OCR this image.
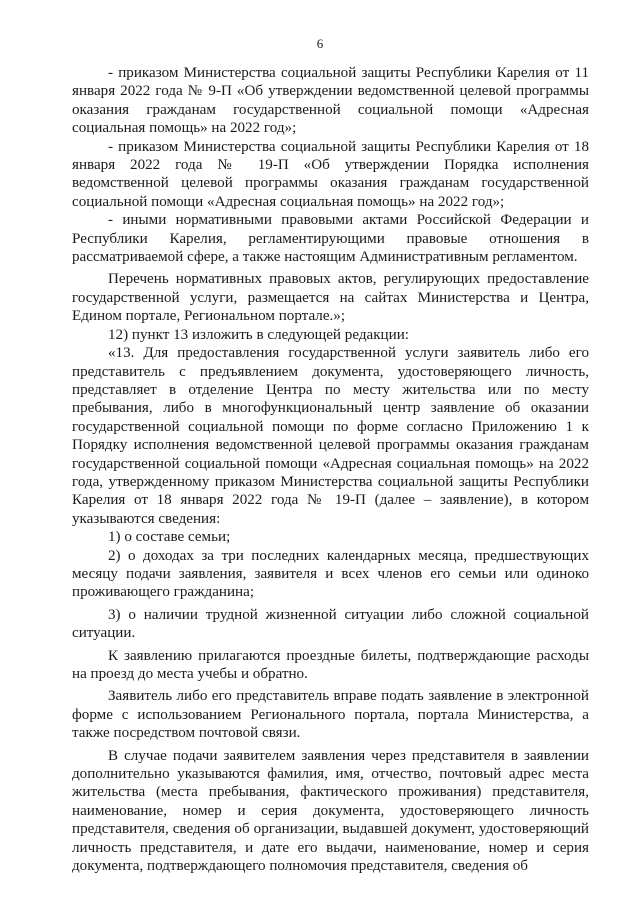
6

- приказом Министерства социальной защиты Республики Карелия от 11 января 2022 года № 9-П «Об утверждении ведомственной целевой программы оказания гражданам государственной социальной помощи «Адресная социальная помощь» на 2022 год»;

- приказом Министерства социальной защиты Республики Карелия от 18 января 2022 года № 19-П «Об утверждении Порядка исполнения ведомственной целевой программы оказания гражданам государственной социальной помощи «Адресная социальная помощь» на 2022 год»;

- иными нормативными правовыми актами Российской Федерации и Республики Карелия, регламентирующими правовые отношения в рассматриваемой сфере, а также настоящим Административным регламентом.

Перечень нормативных правовых актов, регулирующих предоставление государственной услуги, размещается на сайтах Министерства и Центра, Едином портале, Региональном портале.»;

12) пункт 13 изложить в следующей редакции:

«13. Для предоставления государственной услуги заявитель либо его представитель с предъявлением документа, удостоверяющего личность, представляет в отделение Центра по месту жительства или по месту пребывания, либо в многофункциональный центр заявление об оказании государственной социальной помощи по форме согласно Приложению 1 к Порядку исполнения ведомственной целевой программы оказания гражданам государственной социальной помощи «Адресная социальная помощь» на 2022 года, утвержденному приказом Министерства социальной защиты Республики Карелия от 18 января 2022 года № 19-П (далее – заявление), в котором указываются сведения:

1) о составе семьи;

2) о доходах за три последних календарных месяца, предшествующих месяцу подачи заявления, заявителя и всех членов его семьи или одиноко проживающего гражданина;

3) о наличии трудной жизненной ситуации либо сложной социальной ситуации.

К заявлению прилагаются проездные билеты, подтверждающие расходы на проезд до места учебы и обратно.

Заявитель либо его представитель вправе подать заявление в электронной форме с использованием Регионального портала, портала Министерства, а также посредством почтовой связи.

В случае подачи заявителем заявления через представителя в заявлении дополнительно указываются фамилия, имя, отчество, почтовый адрес места жительства (места пребывания, фактического проживания) представителя, наименование, номер и серия документа, удостоверяющего личность представителя, сведения об организации, выдавшей документ, удостоверяющий личность представителя, и дате его выдачи, наименование, номер и серия документа, подтверждающего полномочия представителя, сведения об
